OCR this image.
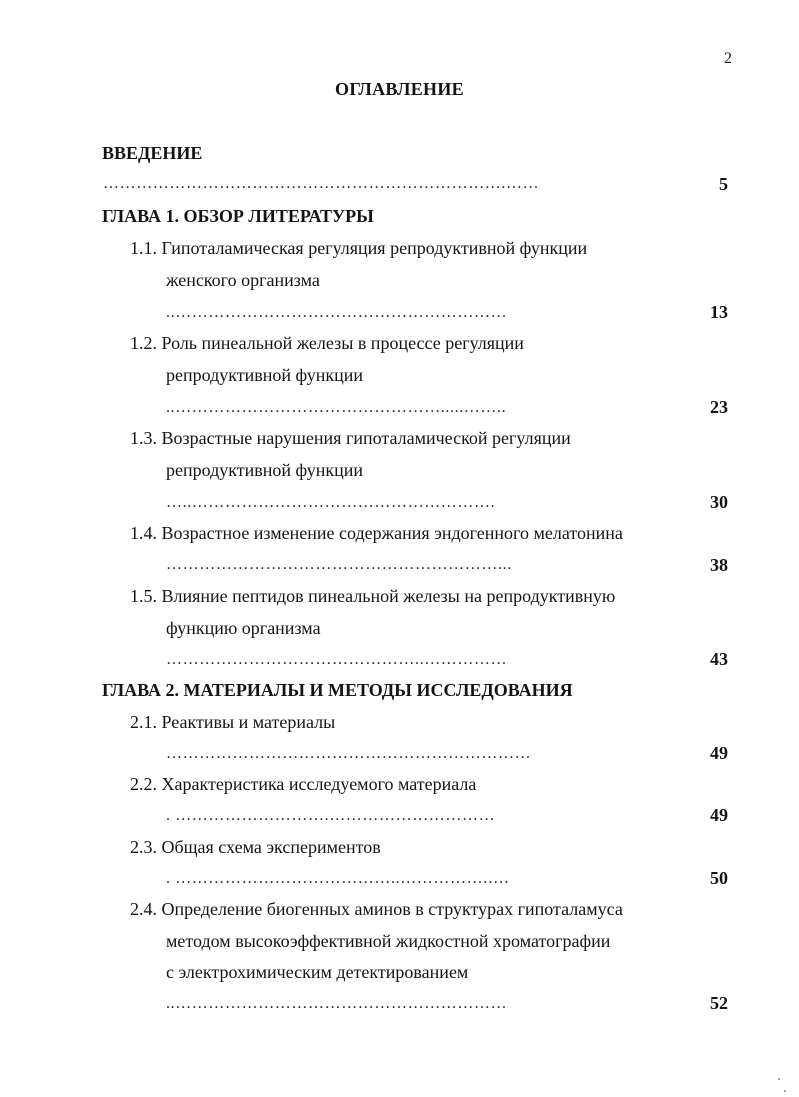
2
ОГЛАВЛЕНИЕ
ВВЕДЕНИЕ
……………………………………………………………….……	5
ГЛАВА 1. ОБЗОР ЛИТЕРАТУРЫ
1.1. Гипоталамическая регуляция репродуктивной функции
женского организма
..……………………………………………………	13
1.2. Роль пинеальной железы в процессе регуляции
репродуктивной функции
..………………………………………….....……..	23
1.3. Возрастные нарушения гипоталамической регуляции
репродуктивной функции
…..……………………………………………….	30
1.4. Возрастное изменение содержания эндогенного мелатонина
……………………………………………………...	38
1.5. Влияние пептидов пинеальной железы на репродуктивную
функцию организма
………………………………………..……………	43
ГЛАВА 2. МАТЕРИАЛЫ И МЕТОДЫ ИССЛЕДОВАНИЯ
2.1. Реактивы и материалы
…………………………………………………………	49
2.2. Характеристика исследуемого материала
. ……………………….…………………………	49
2.3. Общая схема экспериментов
. …………………………………..…………….….	50
2.4. Определение биогенных аминов в структурах гипоталамуса
методом высокоэффективной жидкостной хроматографии
с электрохимическим детектированием
..……………………………………………………	52
